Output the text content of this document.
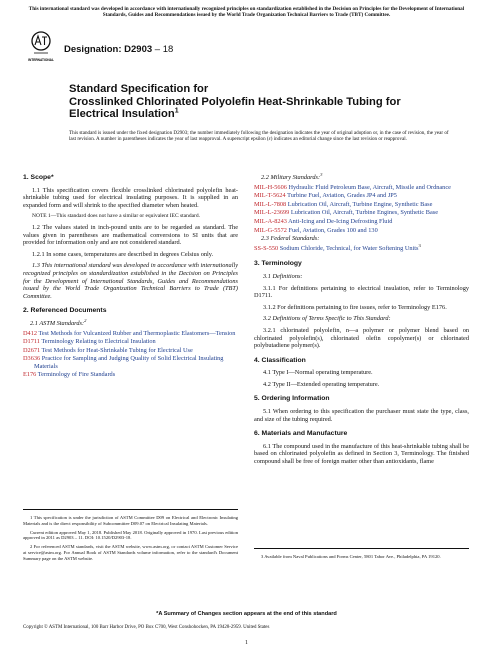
This international standard was developed in accordance with internationally recognized principles on standardization established in the Decision on Principles for the Development of International Standards, Guides and Recommendations issued by the World Trade Organization Technical Barriers to Trade (TBT) Committee.
INTERNATIONAL
Designation: D2903 – 18
Standard Specification for
Crosslinked Chlorinated Polyolefin Heat-Shrinkable Tubing for Electrical Insulation$^1$
This standard is issued under the fixed designation D2903; the number immediately following the designation indicates the year of original adoption or, in the case of revision, the year of last revision. A number in parentheses indicates the year of last reapproval. A superscript epsilon (ε) indicates an editorial change since the last revision or reapproval.
1. Scope*

1.1 This specification covers flexible crosslinked chlorinated polyolefin heat-shrinkable tubing used for electrical insulating purposes. It is supplied in an expanded form and will shrink to the specified diameter when heated.

NOTE 1—This standard does not have a similar or equivalent IEC standard.

1.2 The values stated in inch-pound units are to be regarded as standard. The values given in parentheses are mathematical conversions to SI units that are provided for information only and are not considered standard.

1.2.1 In some cases, temperatures are described in degrees Celsius only.

1.3 This international standard was developed in accordance with internationally recognized principles on standardization established in the Decision on Principles for the Development of International Standards, Guides and Recommendations issued by the World Trade Organization Technical Barriers to Trade (TBT) Committee.

2. Referenced Documents
2.1 ASTM Standards:$^2$
D412 Test Methods for Vulcanized Rubber and Thermoplastic Elastomers—Tension
D1711 Terminology Relating to Electrical Insulation
D2671 Test Methods for Heat-Shrinkable Tubing for Electrical Use
D3636 Practice for Sampling and Judging Quality of Solid Electrical Insulating Materials
E176 Terminology of Fire Standards
2.2 Military Standards:$^3$
MIL-H-5606 Hydraulic Fluid Petroleum Base, Aircraft, Missile and Ordnance
MIL-T-5624 Turbine Fuel, Aviation, Grades JP4 and JP5
MIL-L-7808 Lubrication Oil, Aircraft, Turbine Engine, Synthetic Base
MIL-L-23699 Lubrication Oil, Aircraft, Turbine Engines, Synthetic Base
MIL-A-8243 Anti-Icing and De-Icing Defrosting Fluid
MIL-G-5572 Fuel, Aviation, Grades 100 and 130
2.3 Federal Standards:
SS-S-550 Sodium Chloride, Technical, for Water Softening Units$^3$
3. Terminology

3.1 Definitions:

3.1.1 For definitions pertaining to electrical insulation, refer to Terminology D1711.

3.1.2 For definitions pertaining to fire issues, refer to Terminology E176.

3.2 Definitions of Terms Specific to This Standard:

3.2.1 chlorinated polyolefin, n—a polymer or polymer blend based on chlorinated polyolefin(s), chlorinated olefin copolymer(s) or chlorinated polybutadiene polymer(s).

4. Classification

4.1 Type I—Normal operating temperature.

4.2 Type II—Extended operating temperature.

5. Ordering Information

5.1 When ordering to this specification the purchaser must state the type, class, and size of the tubing required.

6. Materials and Manufacture

6.1 The compound used in the manufacture of this heat-shrinkable tubing shall be based on chlorinated polyolefin as defined in Section 3, Terminology. The finished compound shall be free of foreign matter other than antioxidants, flame

1 This specification is under the jurisdiction of ASTM Committee D09 on Electrical and Electronic Insulating Materials and is the direct responsibility of Subcommittee D09.07 on Electrical Insulating Materials.

Current edition approved May 1, 2018. Published May 2018. Originally approved in 1970. Last previous edition approved in 2011 as D2903 – 11. DOI: 10.1520/D2903-18.

2 For referenced ASTM standards, visit the ASTM website, www.astm.org, or contact ASTM Customer Service at service@astm.org. For Annual Book of ASTM Standards volume information, refer to the standard's Document Summary page on the ASTM website.	3 Available from Naval Publications and Forms Center, 5801 Tabor Ave., Philadelphia, PA 19120.

*A Summary of Changes section appears at the end of this standard
Copyright © ASTM International, 100 Barr Harbor Drive, PO Box C700, West Conshohocken, PA 19428-2959. United States
1
